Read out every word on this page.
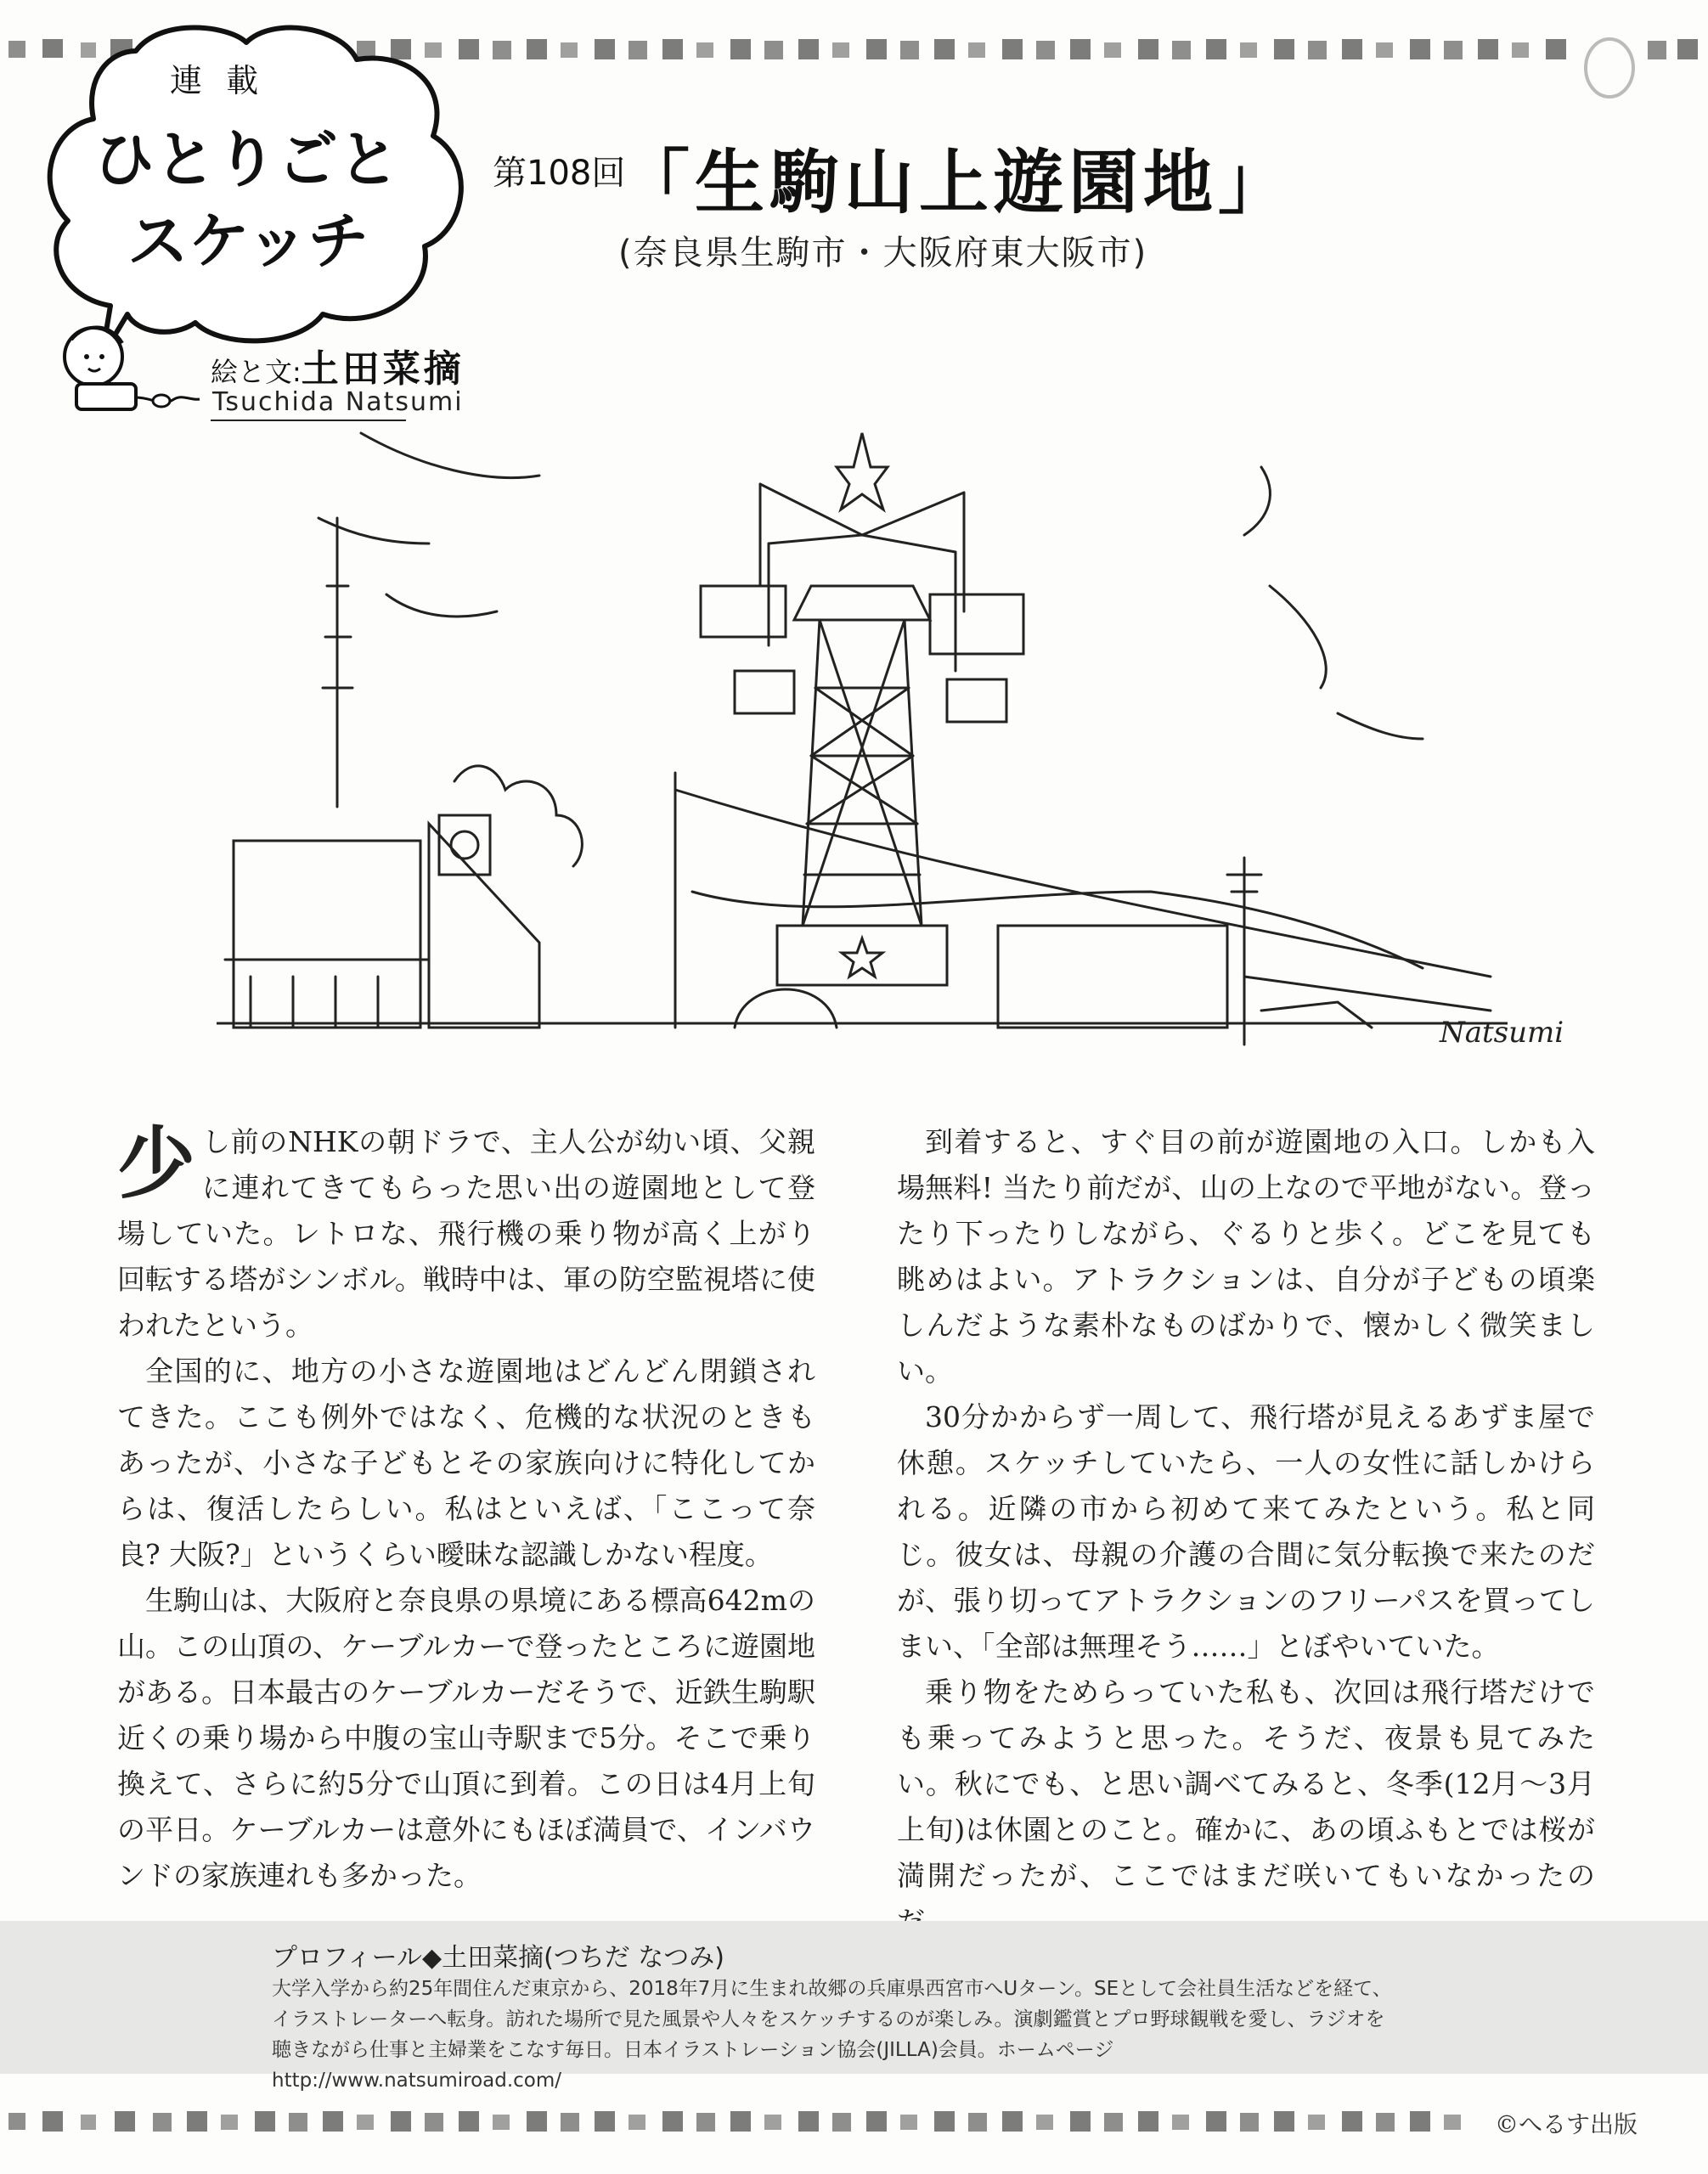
連 載
ひとりごと
スケッチ
絵と文:土田菜摘
Tsuchida Natsumi
第108回
「生駒山上遊園地」
(奈良県生駒市・大阪府東大阪市)
Natsumi

少し前のNHKの朝ドラで、主人公が幼い頃、父親に連れてきてもらった思い出の遊園地として登場していた。レトロな、飛行機の乗り物が高く上がり回転する塔がシンボル。戦時中は、軍の防空監視塔に使われたという。

全国的に、地方の小さな遊園地はどんどん閉鎖されてきた。ここも例外ではなく、危機的な状況のときもあったが、小さな子どもとその家族向けに特化してからは、復活したらしい。私はといえば、「ここって奈良? 大阪?」というくらい曖昧な認識しかない程度。

生駒山は、大阪府と奈良県の県境にある標高642mの山。この山頂の、ケーブルカーで登ったところに遊園地がある。日本最古のケーブルカーだそうで、近鉄生駒駅近くの乗り場から中腹の宝山寺駅まで5分。そこで乗り換えて、さらに約5分で山頂に到着。この日は4月上旬の平日。ケーブルカーは意外にもほぼ満員で、インバウンドの家族連れも多かった。

到着すると、すぐ目の前が遊園地の入口。しかも入場無料! 当たり前だが、山の上なので平地がない。登ったり下ったりしながら、ぐるりと歩く。どこを見ても眺めはよい。アトラクションは、自分が子どもの頃楽しんだような素朴なものばかりで、懐かしく微笑ましい。

30分かからず一周して、飛行塔が見えるあずま屋で休憩。スケッチしていたら、一人の女性に話しかけられる。近隣の市から初めて来てみたという。私と同じ。彼女は、母親の介護の合間に気分転換で来たのだが、張り切ってアトラクションのフリーパスを買ってしまい、「全部は無理そう……」とぼやいていた。

乗り物をためらっていた私も、次回は飛行塔だけでも乗ってみようと思った。そうだ、夜景も見てみたい。秋にでも、と思い調べてみると、冬季(12月〜3月上旬)は休園とのこと。確かに、あの頃ふもとでは桜が満開だったが、ここではまだ咲いてもいなかったの

プロフィール◆土田菜摘(つちだ なつみ)
大学入学から約25年間住んだ東京から、2018年7月に生まれ故郷の兵庫県西宮市へUターン。SEとして会社員生活などを経て、イラストレーターへ転身。訪れた場所で見た風景や人々をスケッチするのが楽しみ。演劇鑑賞とプロ野球観戦を愛し、ラジオを聴きながら仕事と主婦業をこなす毎日。日本イラストレーション協会(JILLA)会員。ホームページ http://www.natsumiroad.com/
©へるす出版
